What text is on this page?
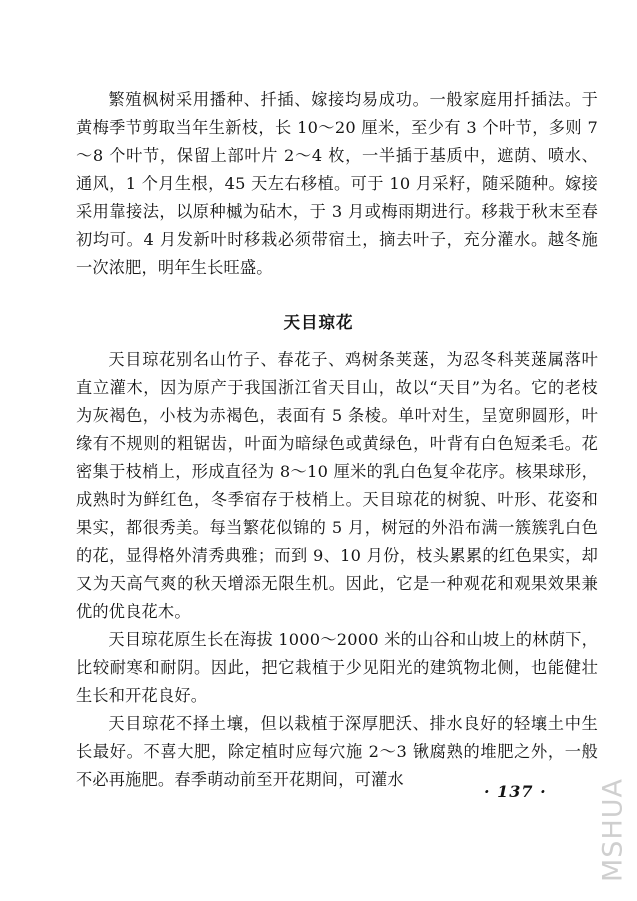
繁殖枫树采用播种、扦插、嫁接均易成功。一般家庭用扦插法。于黄梅季节剪取当年生新枝，长 10～20 厘米，至少有 3 个叶节，多则 7～8 个叶节，保留上部叶片 2～4 枚，一半插于基质中，遮荫、喷水、通风，1 个月生根，45 天左右移植。可于 10 月采籽，随采随种。嫁接采用靠接法，以原种槭为砧木，于 3 月或梅雨期进行。移栽于秋末至春初均可。4 月发新叶时移栽必须带宿土，摘去叶子，充分灌水。越冬施一次浓肥，明年生长旺盛。

天目琼花

天目琼花别名山竹子、春花子、鸡树条荚蒾，为忍冬科荚蒾属落叶直立灌木，因为原产于我国浙江省天目山，故以“天目”为名。它的老枝为灰褐色，小枝为赤褐色，表面有 5 条棱。单叶对生，呈宽卵圆形，叶缘有不规则的粗锯齿，叶面为暗绿色或黄绿色，叶背有白色短柔毛。花密集于枝梢上，形成直径为 8～10 厘米的乳白色复伞花序。核果球形，成熟时为鲜红色，冬季宿存于枝梢上。天目琼花的树貌、叶形、花姿和果实，都很秀美。每当繁花似锦的 5 月，树冠的外沿布满一簇簇乳白色的花，显得格外清秀典雅；而到 9、10 月份，枝头累累的红色果实，却又为天高气爽的秋天增添无限生机。因此，它是一种观花和观果效果兼优的优良花木。

天目琼花原生长在海拔 1000～2000 米的山谷和山坡上的林荫下，比较耐寒和耐阴。因此，把它栽植于少见阳光的建筑物北侧，也能健壮生长和开花良好。

天目琼花不择土壤，但以栽植于深厚肥沃、排水良好的轻壤土中生长最好。不喜大肥，除定植时应每穴施 2～3 锹腐熟的堆肥之外，一般不必再施肥。春季萌动前至开花期间，可灌水

· 137 · MSHUA
